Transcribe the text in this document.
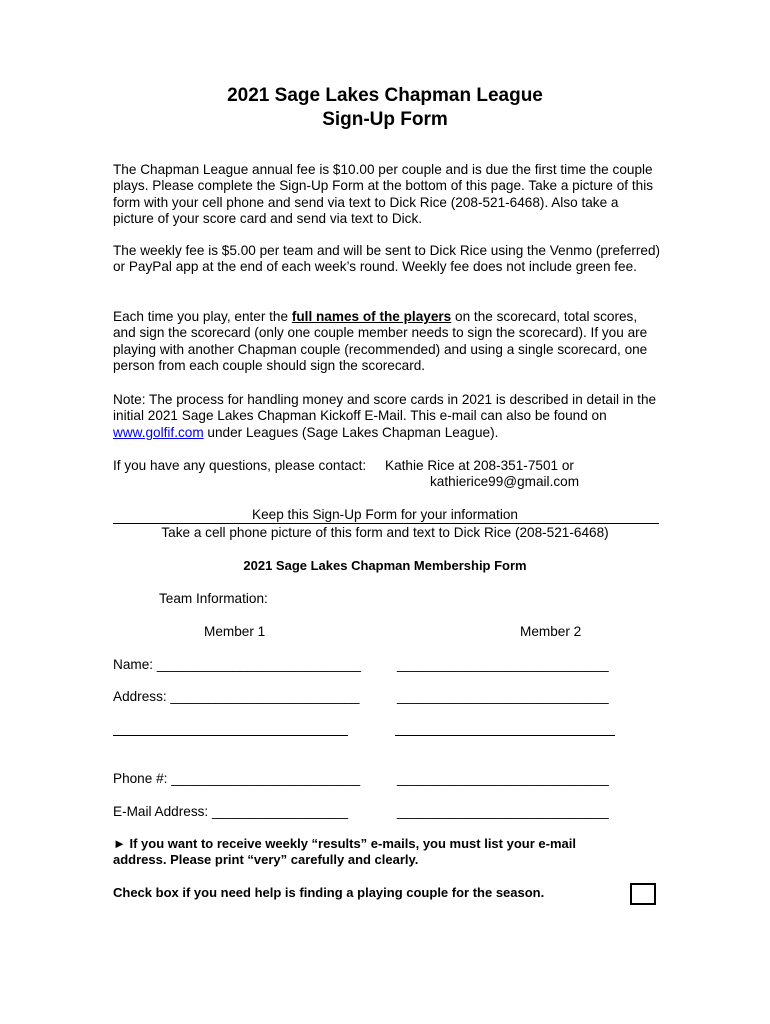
2021 Sage Lakes Chapman League
Sign-Up Form

The Chapman League annual fee is $10.00 per couple and is due the first time the couple plays. Please complete the Sign-Up Form at the bottom of this page. Take a picture of this form with your cell phone and send via text to Dick Rice (208-521-6468). Also take a picture of your score card and send via text to Dick.

The weekly fee is $5.00 per team and will be sent to Dick Rice using the Venmo (preferred) or PayPal app at the end of each week’s round. Weekly fee does not include green fee.

Each time you play, enter the full names of the players on the scorecard, total scores, and sign the scorecard (only one couple member needs to sign the scorecard). If you are playing with another Chapman couple (recommended) and using a single scorecard, one person from each couple should sign the scorecard.

Note: The process for handling money and score cards in 2021 is described in detail in the initial 2021 Sage Lakes Chapman Kickoff E-Mail. This e-mail can also be found on www.golfif.com under Leagues (Sage Lakes Chapman League).

If you have any questions, please contact: Kathie Rice at 208-351-7501 or
kathierice99@gmail.com
Keep this Sign-Up Form for your information
Take a cell phone picture of this form and text to Dick Rice (208-521-6468)
2021 Sage Lakes Chapman Membership Form
Team Information:
Member 1	Member 2
Name: ___________________________	____________________________
Address: _________________________	____________________________
Phone #: _________________________	____________________________
E-Mail Address: __________________	____________________________

► If you want to receive weekly “results” e-mails, you must list your e-mail address. Please print “very” carefully and clearly.

Check box if you need help is finding a playing couple for the season.
